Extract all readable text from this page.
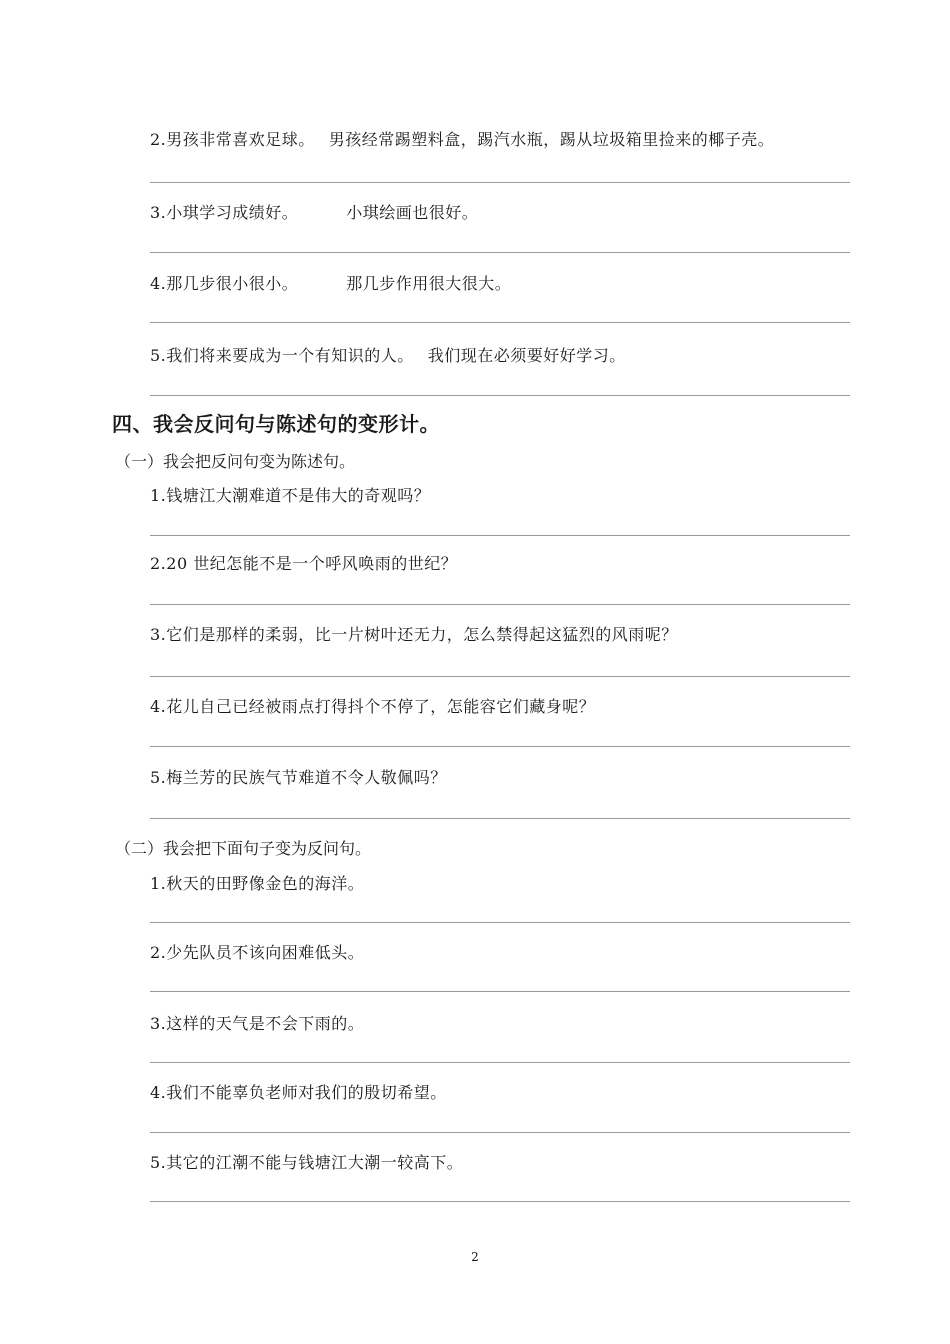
2.男孩非常喜欢足球。 男孩经常踢塑料盒，踢汽水瓶，踢从垃圾箱里捡来的椰子壳。
3.小琪学习成绩好。	小琪绘画也很好。
4.那几步很小很小。	那几步作用很大很大。
5.我们将来要成为一个有知识的人。 我们现在必须要好好学习。
四、我会反问句与陈述句的变形计。
（一）我会把反问句变为陈述句。
1.钱塘江大潮难道不是伟大的奇观吗？
2.20 世纪怎能不是一个呼风唤雨的世纪？
3.它们是那样的柔弱，比一片树叶还无力，怎么禁得起这猛烈的风雨呢？
4.花儿自己已经被雨点打得抖个不停了，怎能容它们藏身呢？
5.梅兰芳的民族气节难道不令人敬佩吗？
（二）我会把下面句子变为反问句。
1.秋天的田野像金色的海洋。
2.少先队员不该向困难低头。
3.这样的天气是不会下雨的。
4.我们不能辜负老师对我们的殷切希望。
5.其它的江潮不能与钱塘江大潮一较高下。
2
